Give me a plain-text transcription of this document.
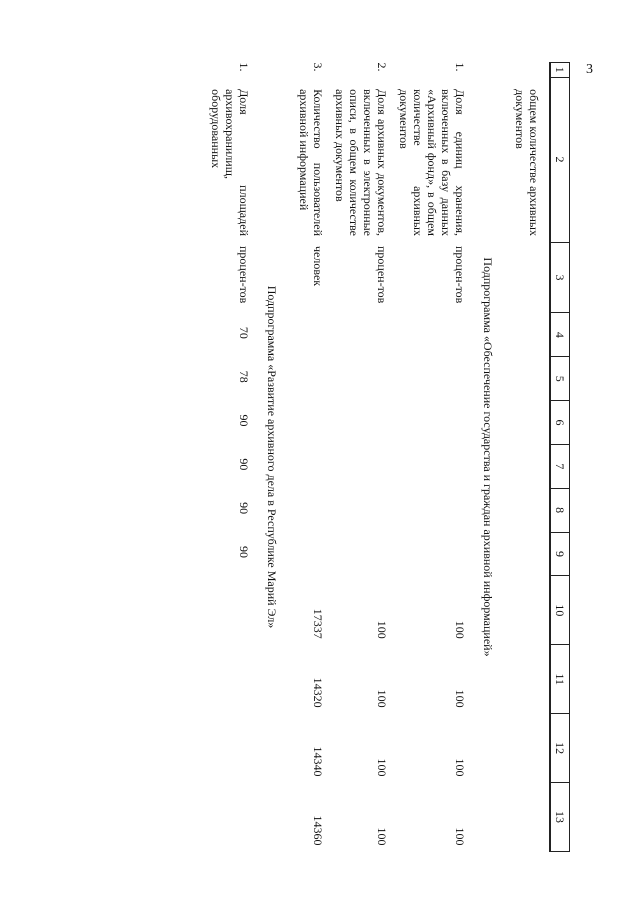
3
1	2	3	4	5	6	7	8	9	10	11	12	13
	общем количестве архивных документов											
Подпрограмма «Обеспечение государства и граждан архивной информацией»												
1.	Доля единиц хранения, включенных в базу данных «Архивный фонд», в общем количестве архивных документов	процен-тов							100	100	100	100
2.	Доля архивных документов, включенных в электронные описи, в общем количестве архивных документов	процен-тов							100	100	100	100
3.	Количество пользователей архивной информацией	человек							17337	14320	14340	14360
Подпрограмма «Развитие архивного дела в Республике Марий Эл»												
1.	Доля площадей архивохранилищ, оборудованных	процен-тов	70	78	90	90	90	90				
